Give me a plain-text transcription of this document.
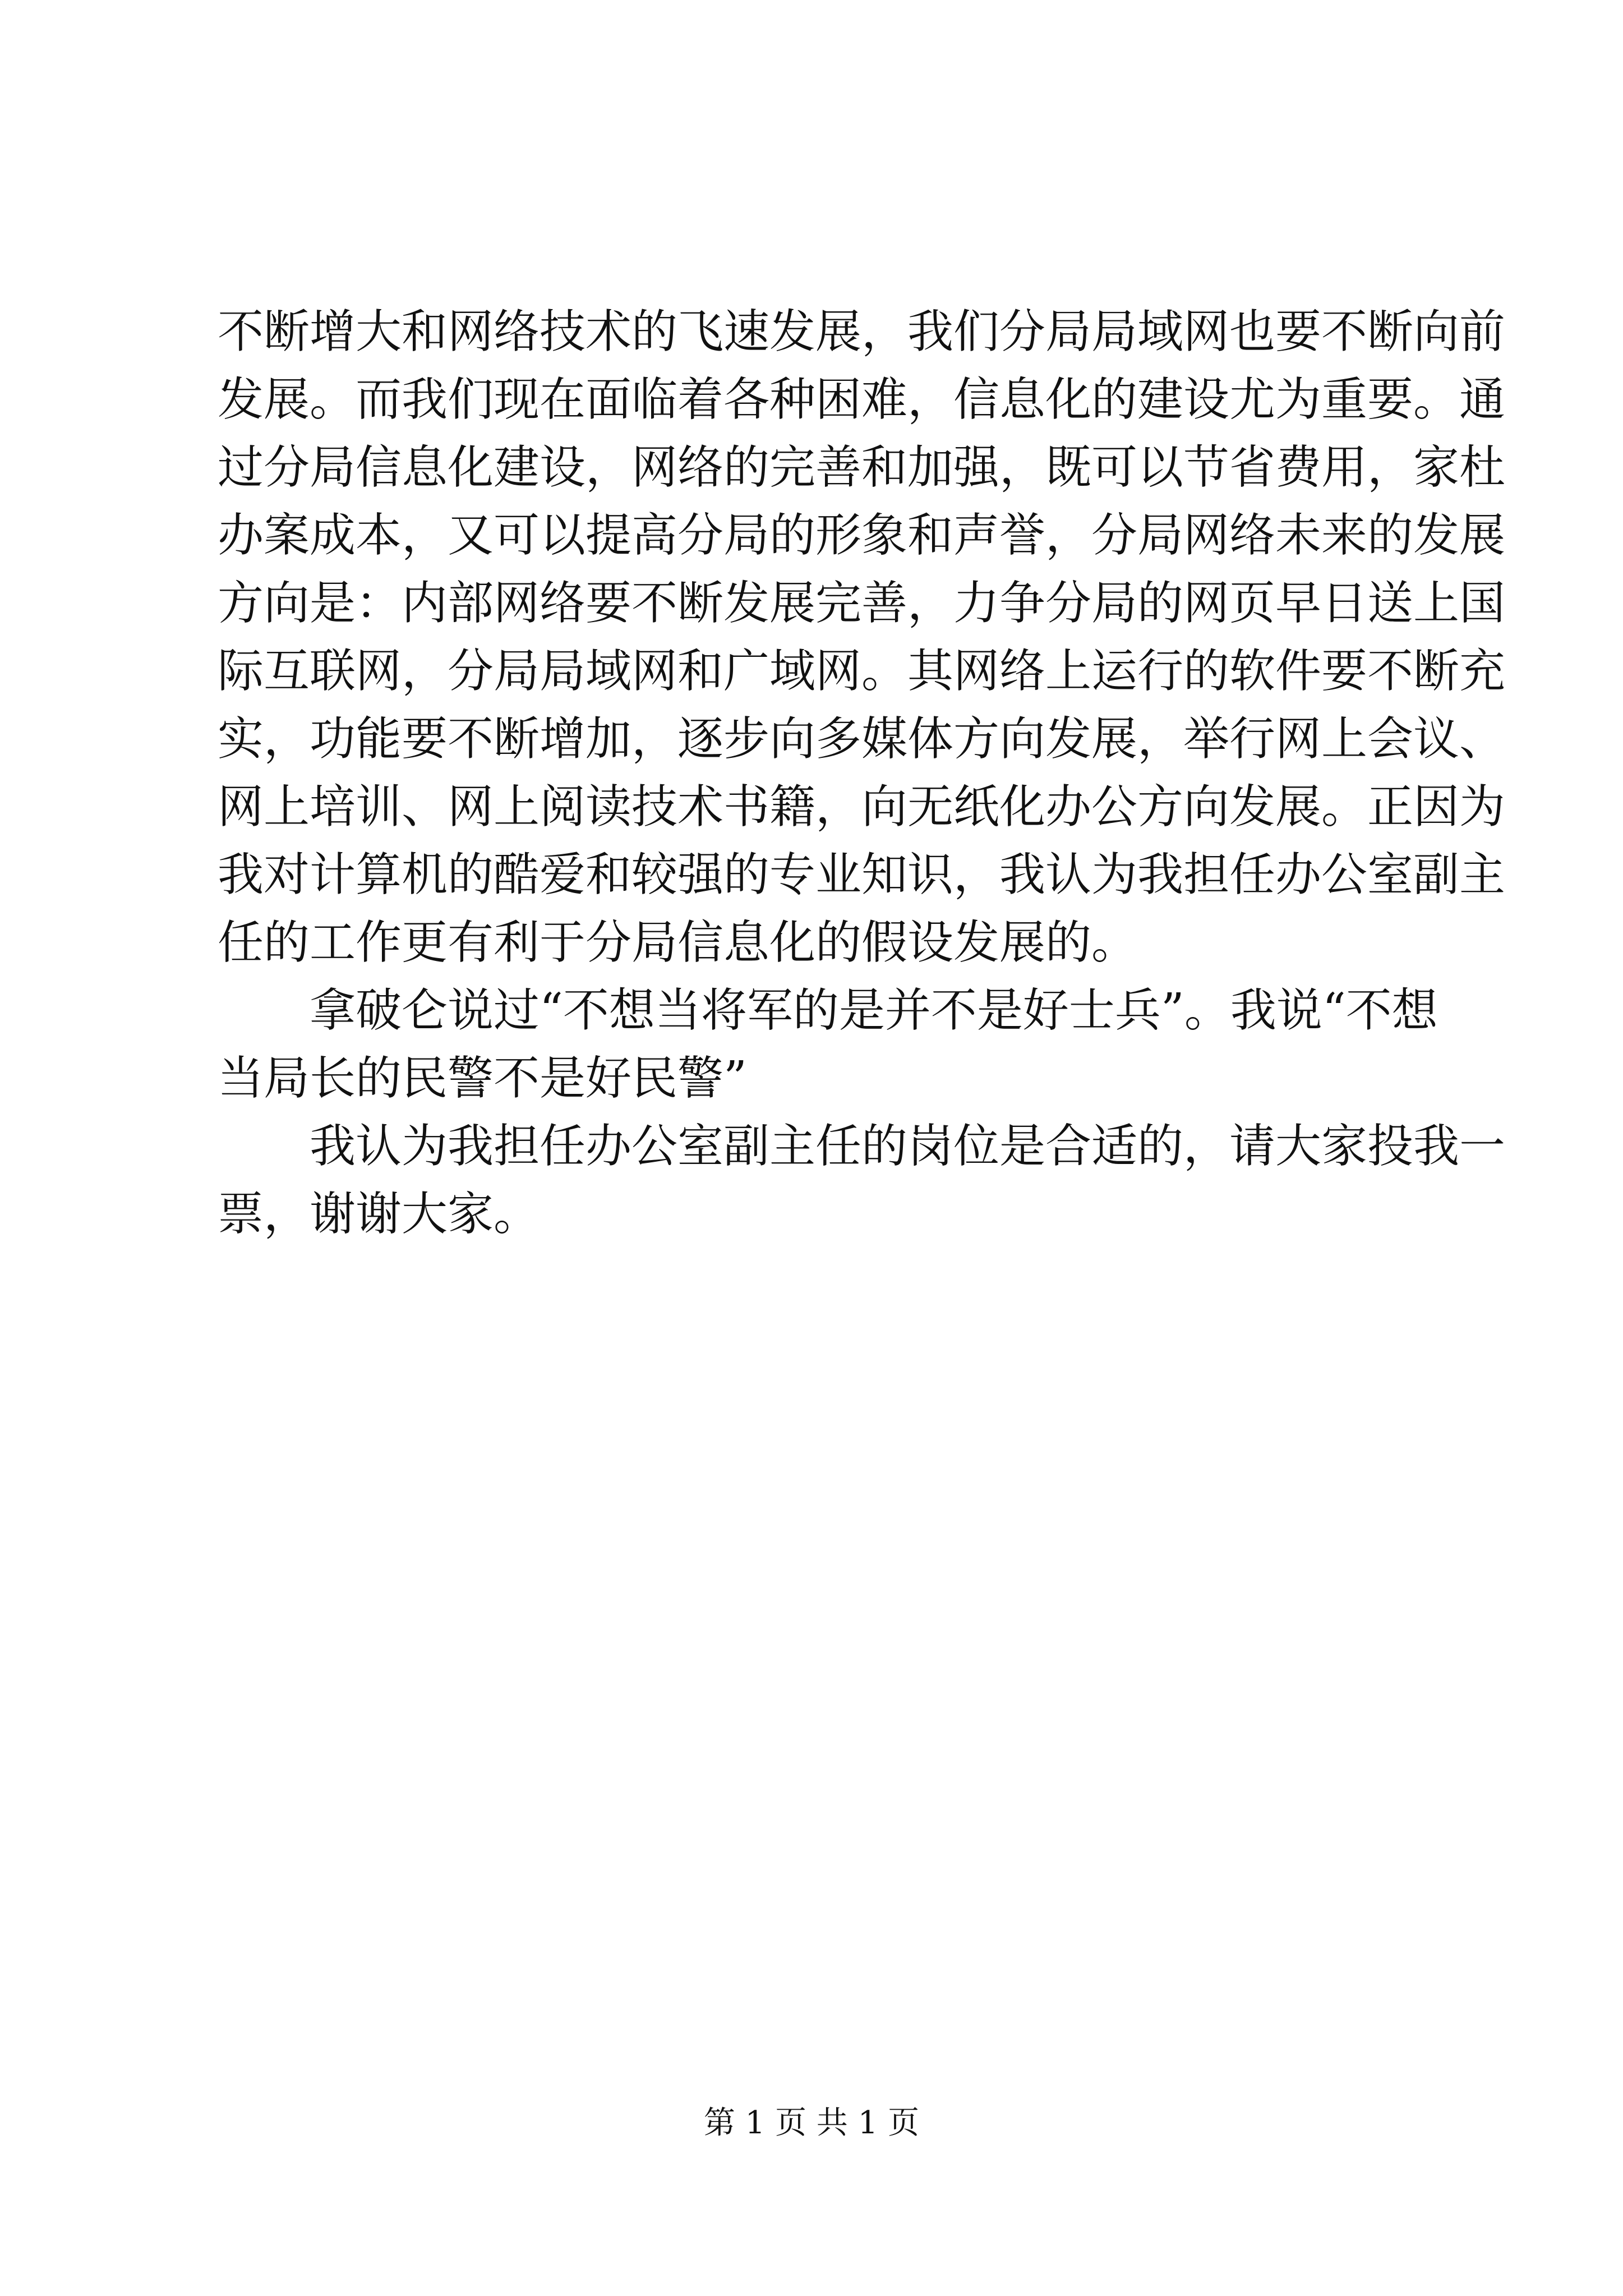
不断增大和网络技术的飞速发展，我们分局局域网也要不断向前
发展。而我们现在面临着各种困难，信息化的建设尤为重要。通
过分局信息化建设，网络的完善和加强，既可以节省费用，家杜
办案成本，又可以提高分局的形象和声誉，分局网络未来的发展
方向是：内部网络要不断发展完善，力争分局的网页早日送上国
际互联网，分局局域网和广域网。其网络上运行的软件要不断充
实，功能要不断增加，逐步向多媒体方向发展，举行网上会议、
网上培训、网上阅读技术书籍，向无纸化办公方向发展。正因为
我对计算机的酷爱和较强的专业知识，我认为我担任办公室副主
任的工作更有利于分局信息化的假设发展的。
拿破仑说过“不想当将军的是并不是好士兵”。我说“不想
当局长的民警不是好民警”
我认为我担任办公室副主任的岗位是合适的，请大家投我一
票，谢谢大家。
第 1 页 共 1 页
